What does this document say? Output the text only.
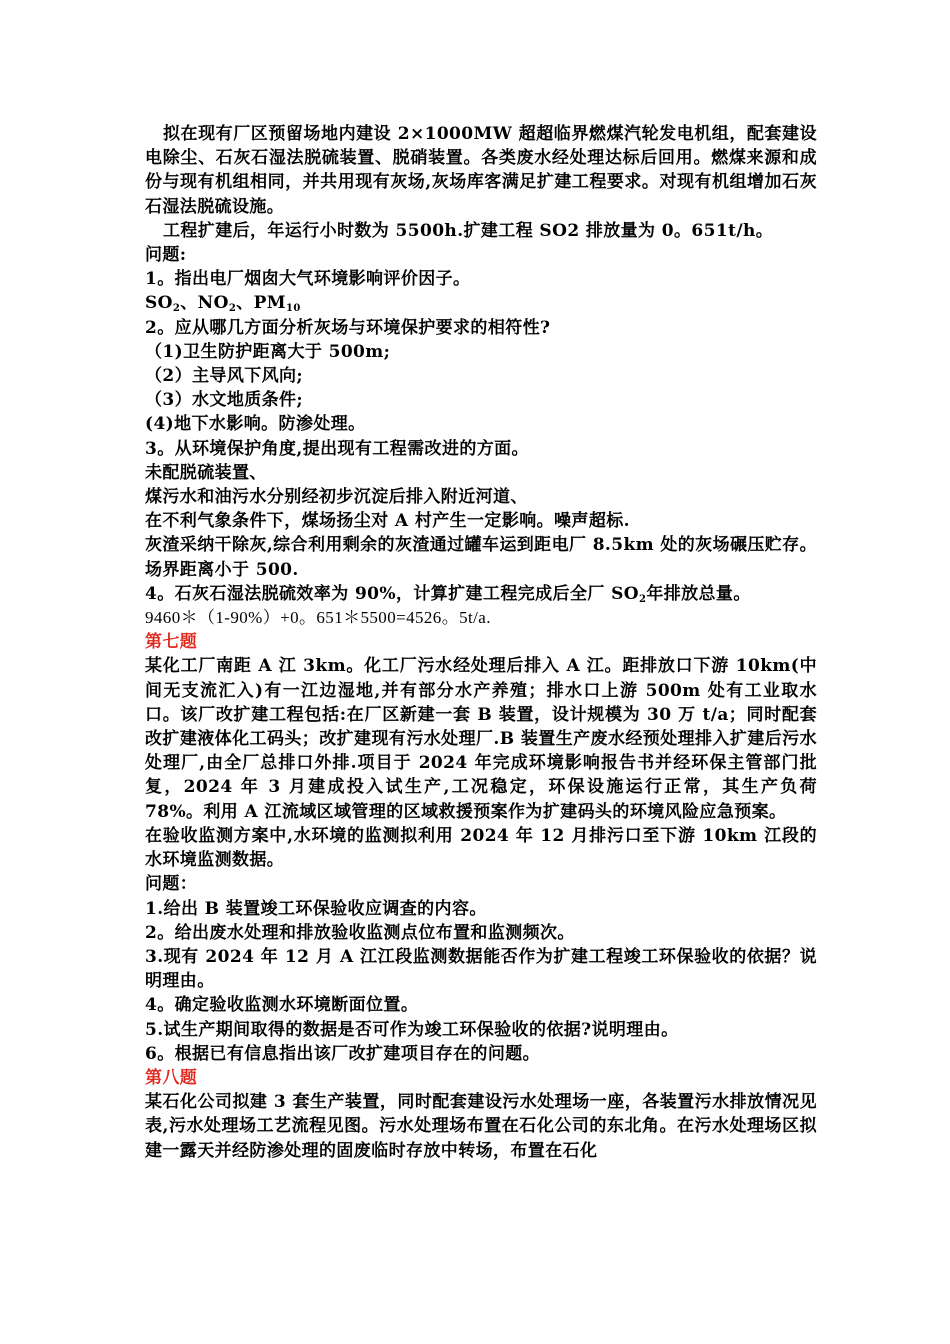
拟在现有厂区预留场地内建设 2×1000MW 超超临界燃煤汽轮发电机组，配套建设电除尘、石灰石湿法脱硫装置、脱硝装置。各类废水经处理达标后回用。燃煤来源和成份与现有机组相同，并共用现有灰场,灰场库客满足扩建工程要求。对现有机组增加石灰石湿法脱硫设施。

工程扩建后，年运行小时数为 5500h.扩建工程 SO2 排放量为 0。651t/h。

问题:

1。指出电厂烟囱大气环境影响评价因子。

$SO_2$、$NO_2$、$PM_{10}$

2。应从哪几方面分析灰场与环境保护要求的相符性?

（1)卫生防护距离大于 500m;

（2）主导风下风向;

（3）水文地质条件;

(4)地下水影响。防渗处理。

3。从环境保护角度,提出现有工程需改进的方面。

未配脱硫装置、

煤污水和油污水分别经初步沉淀后排入附近河道、

在不利气象条件下，煤场扬尘对 A 村产生一定影响。噪声超标.

灰渣采纳干除灰,综合利用剩余的灰渣通过罐车运到距电厂 8.5km 处的灰场碾压贮存。场界距离小于 500.

4。石灰石湿法脱硫效率为 90%，计算扩建工程完成后全厂 $SO_2$年排放总量。

9460＊（1-90%）+0。651＊5500=4526。5t/a.

第七题

某化工厂南距 A 江 3km。化工厂污水经处理后排入 A 江。距排放口下游 10km(中间无支流汇入)有一江边湿地,并有部分水产养殖；排水口上游 500m 处有工业取水口。该厂改扩建工程包括:在厂区新建一套 B 装置，设计规模为 30 万 t/a；同时配套改扩建液体化工码头；改扩建现有污水处理厂.B 装置生产废水经预处理排入扩建后污水处理厂,由全厂总排口外排.项目于 2024 年完成环境影响报告书并经环保主管部门批复，2024 年 3 月建成投入试生产,工况稳定，环保设施运行正常，其生产负荷 78%。利用 A 江流域区域管理的区域救援预案作为扩建码头的环境风险应急预案。

在验收监测方案中,水环境的监测拟利用 2024 年 12 月排污口至下游 10km 江段的水环境监测数据。

问题：

1.给出 B 装置竣工环保验收应调查的内容。

2。给出废水处理和排放验收监测点位布置和监测频次。

3.现有 2024 年 12 月 A 江江段监测数据能否作为扩建工程竣工环保验收的依据？说明理由。

4。确定验收监测水环境断面位置。

5.试生产期间取得的数据是否可作为竣工环保验收的依据?说明理由。

6。根据已有信息指出该厂改扩建项目存在的问题。

第八题

某石化公司拟建 3 套生产装置，同时配套建设污水处理场一座，各装置污水排放情况见表,污水处理场工艺流程见图。污水处理场布置在石化公司的东北角。在污水处理场区拟建一露天并经防渗处理的固废临时存放中转场，布置在石化
